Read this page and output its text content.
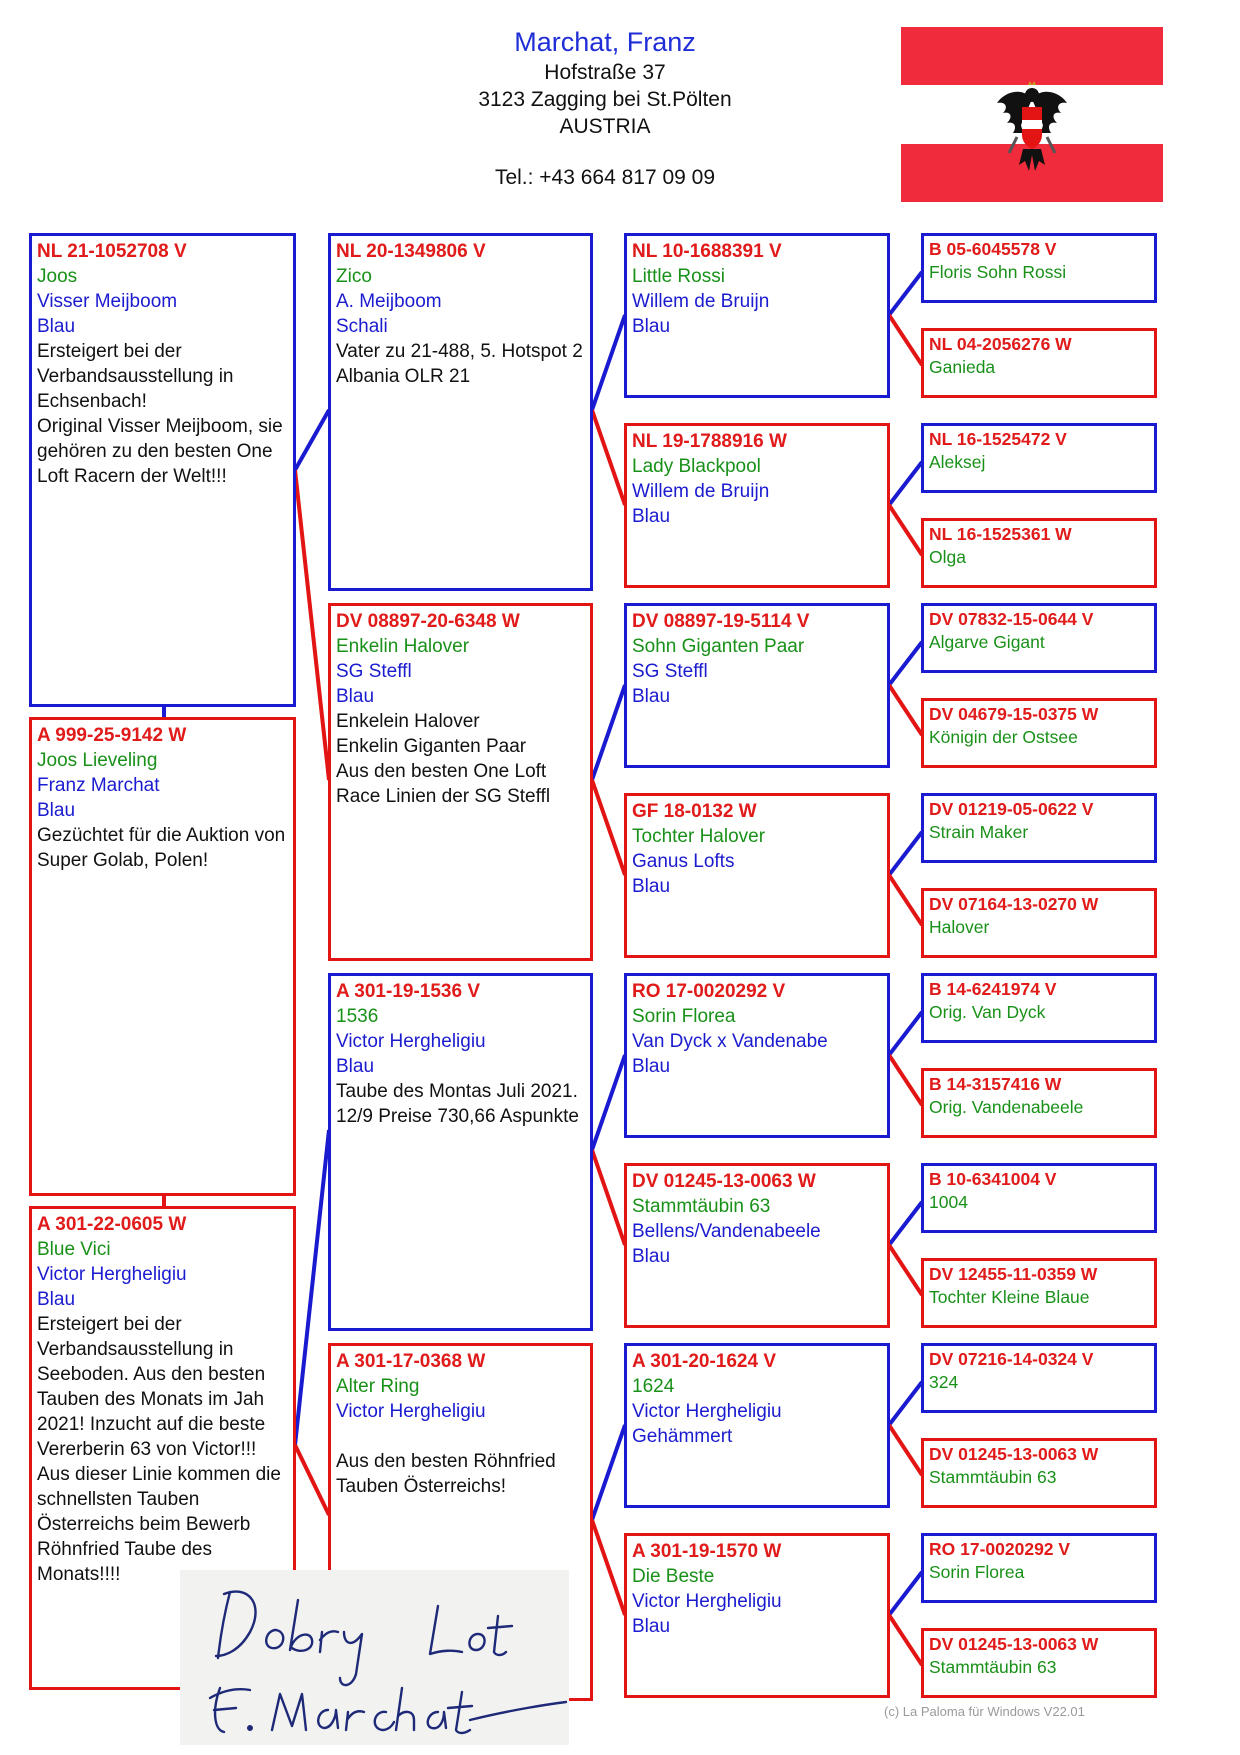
Marchat, Franz
Hofstraße 37
3123 Zagging bei St.Pölten
AUSTRIA
Tel.: +43 664 817 09 09
NL 21-1052708 V
Joos
Visser Meijboom
Blau
Ersteigert bei der Verbandsausstellung in Echsenbach!
Original Visser Meijboom, sie gehören zu den besten One Loft Racern der Welt!!!
A 999-25-9142 W
Joos Lieveling
Franz Marchat
Blau
Gezüchtet für die Auktion von Super Golab, Polen!
A 301-22-0605 W
Blue Vici
Victor Hergheligiu
Blau
Ersteigert bei der Verbandsausstellung in Seeboden. Aus den besten Tauben des Monats im Jah 2021! Inzucht auf die beste Vererberin 63 von Victor!!! Aus dieser Linie kommen die schnellsten Tauben Österreichs beim Bewerb Röhnfried Taube des Monats!!!!
NL 20-1349806 V
Zico
A. Meijboom
Schali
Vater zu 21-488, 5. Hotspot 2 Albania OLR 21
DV 08897-20-6348 W
Enkelin Halover
SG Steffl
Blau
Enkelein Halover
Enkelin Giganten Paar
Aus den besten One Loft Race Linien der SG Steffl
A 301-19-1536 V
1536
Victor Hergheligiu
Blau
Taube des Montas Juli 2021. 12/9 Preise 730,66 Aspunkte
A 301-17-0368 W
Alter Ring
Victor Hergheligiu
Aus den besten Röhnfried Tauben Österreichs!
NL 10-1688391 V
Little Rossi
Willem de Bruijn
Blau
NL 19-1788916 W
Lady Blackpool
Willem de Bruijn
Blau
DV 08897-19-5114 V
Sohn Giganten Paar
SG Steffl
Blau
GF 18-0132 W
Tochter Halover
Ganus Lofts
Blau
RO 17-0020292 V
Sorin Florea
Van Dyck x Vandenabe
Blau
DV 01245-13-0063 W
Stammtäubin 63
Bellens/Vandenabeele
Blau
A 301-20-1624 V
1624
Victor Hergheligiu
Gehämmert
A 301-19-1570 W
Die Beste
Victor Hergheligiu
Blau
B 05-6045578 V
Floris Sohn Rossi
NL 04-2056276 W
Ganieda
NL 16-1525472 V
Aleksej
NL 16-1525361 W
Olga
DV 07832-15-0644 V
Algarve Gigant
DV 04679-15-0375 W
Königin der Ostsee
DV 01219-05-0622 V
Strain Maker
DV 07164-13-0270 W
Halover
B 14-6241974 V
Orig. Van Dyck
B 14-3157416 W
Orig. Vandenabeele
B 10-6341004 V
1004
DV 12455-11-0359 W
Tochter Kleine Blaue
DV 07216-14-0324 V
324
DV 01245-13-0063 W
Stammtäubin 63
RO 17-0020292 V
Sorin Florea
DV 01245-13-0063 W
Stammtäubin 63
(c) La Paloma für Windows V22.01
